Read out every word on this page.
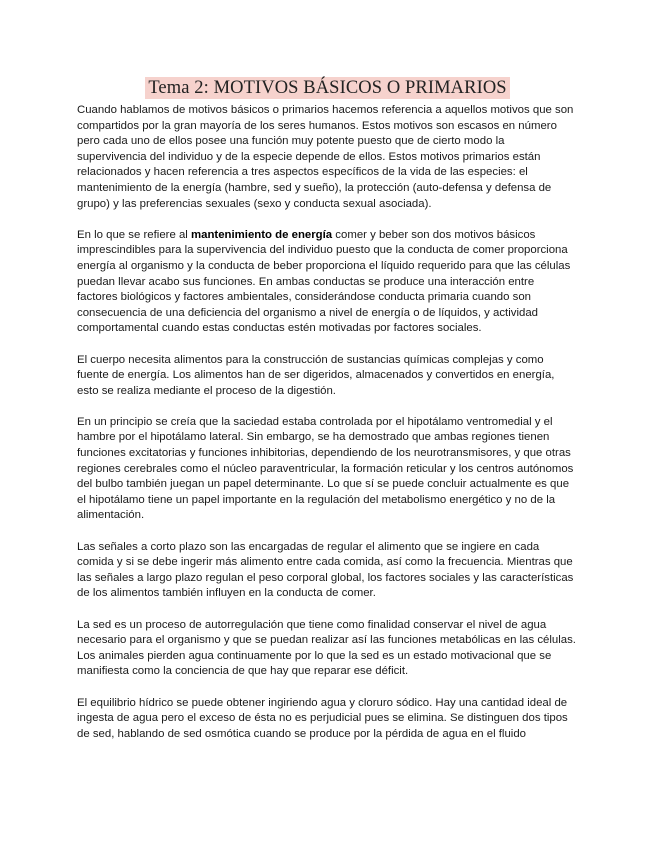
Tema 2: MOTIVOS BÁSICOS O PRIMARIOS

Cuando hablamos de motivos básicos o primarios hacemos referencia a aquellos motivos que son compartidos por la gran mayoría de los seres humanos. Estos motivos son escasos en número pero cada uno de ellos posee una función muy potente puesto que de cierto modo la supervivencia del individuo y de la especie depende de ellos. Estos motivos primarios están relacionados y hacen referencia a tres aspectos específicos de la vida de las especies: el mantenimiento de la energía (hambre, sed y sueño), la protección (auto-defensa y defensa de grupo) y las preferencias sexuales (sexo y conducta sexual asociada).

En lo que se refiere al mantenimiento de energía comer y beber son dos motivos básicos imprescindibles para la supervivencia del individuo puesto que la conducta de comer proporciona energía al organismo y la conducta de beber proporciona el líquido requerido para que las células puedan llevar acabo sus funciones. En ambas conductas se produce una interacción entre factores biológicos y factores ambientales, considerándose conducta primaria cuando son consecuencia de una deficiencia del organismo a nivel de energía o de líquidos, y actividad comportamental cuando estas conductas estén motivadas por factores sociales.

El cuerpo necesita alimentos para la construcción de sustancias químicas complejas y como fuente de energía. Los alimentos han de ser digeridos, almacenados y convertidos en energía, esto se realiza mediante el proceso de la digestión.

En un principio se creía que la saciedad estaba controlada por el hipotálamo ventromedial y el hambre por el hipotálamo lateral. Sin embargo, se ha demostrado que ambas regiones tienen funciones excitatorias y funciones inhibitorias, dependiendo de los neurotransmisores, y que otras regiones cerebrales como el núcleo paraventricular, la formación reticular y los centros autónomos del bulbo también juegan un papel determinante. Lo que sí se puede concluir actualmente es que el hipotálamo tiene un papel importante en la regulación del metabolismo energético y no de la alimentación.

Las señales a corto plazo son las encargadas de regular el alimento que se ingiere en cada comida y si se debe ingerir más alimento entre cada comida, así como la frecuencia. Mientras que las señales a largo plazo regulan el peso corporal global, los factores sociales y las características de los alimentos también influyen en la conducta de comer.

La sed es un proceso de autorregulación que tiene como finalidad conservar el nivel de agua necesario para el organismo y que se puedan realizar así las funciones metabólicas en las células. Los animales pierden agua continuamente por lo que la sed es un estado motivacional que se manifiesta como la conciencia de que hay que reparar ese déficit.

El equilibrio hídrico se puede obtener ingiriendo agua y cloruro sódico. Hay una cantidad ideal de ingesta de agua pero el exceso de ésta no es perjudicial pues se elimina. Se distinguen dos tipos de sed, hablando de sed osmótica cuando se produce por la pérdida de agua en el fluido
